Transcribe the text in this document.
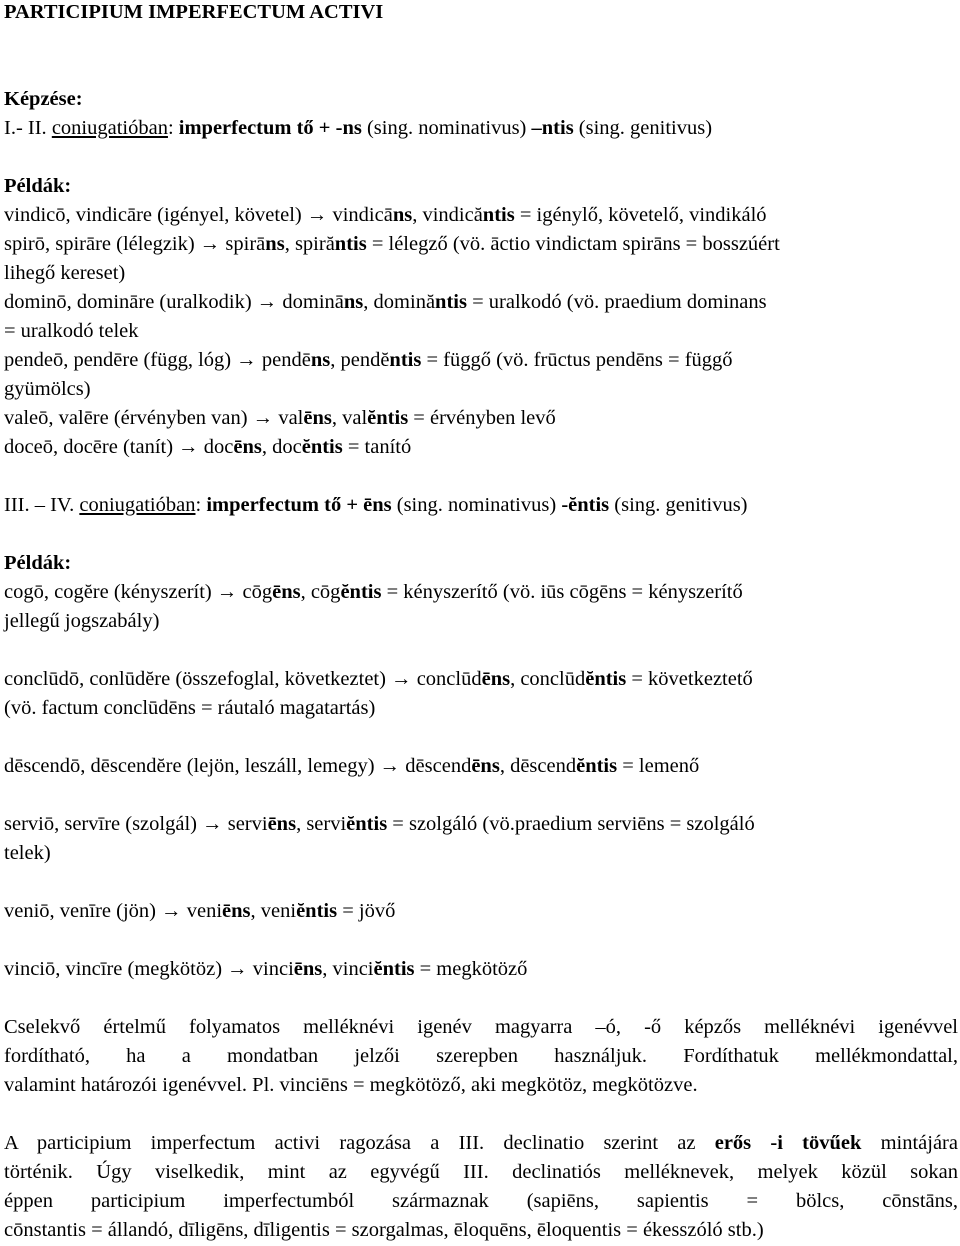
PARTICIPIUM IMPERFECTUM ACTIVI
Képzése:
I.- II. coniugatióban: imperfectum tő + -ns (sing. nominativus) –ntis (sing. genitivus)
Példák:
vindicō, vindicāre (igényel, követel) → vindicāns, vindicăntis = igénylő, követelő, vindikáló
spirō, spirāre (lélegzik) → spirāns, spirăntis = lélegző (vö. āctio vindictam spirāns = bosszúért
lihegő kereset)
dominō, domināre (uralkodik) → domināns, dominăntis = uralkodó (vö. praedium dominans
= uralkodó telek
pendeō, pendēre (függ, lóg) → pendēns, pendĕntis = függő (vö. frūctus pendēns = függő
gyümölcs)
valeō, valēre (érvényben van) → valēns, valĕntis = érvényben levő
doceō, docēre (tanít) → docēns, docĕntis = tanító
III. – IV. coniugatióban: imperfectum tő + ēns (sing. nominativus) -ĕntis (sing. genitivus)
Példák:
cogō, cogĕre (kényszerít) → cōgēns, cōgĕntis = kényszerítő (vö. iūs cōgēns = kényszerítő
jellegű jogszabály)
conclūdō, conlūdĕre (összefoglal, következtet) → conclūdēns, conclūdĕntis = következtető
(vö. factum conclūdēns = ráutaló magatartás)
dēscendō, dēscendĕre (lejön, leszáll, lemegy) → dēscendēns, dēscendĕntis = lemenő
serviō, servīre (szolgál) → serviēns, serviĕntis = szolgáló (vö.praedium serviēns = szolgáló
telek)
veniō, venīre (jön) → veniēns, veniĕntis = jövő
vinciō, vincīre (megkötöz) → vinciēns, vinciĕntis = megkötöző
Cselekvő értelmű folyamatos melléknévi igenév magyarra –ó, -ő képzős melléknévi igenévvel
fordítható, ha a mondatban jelzői szerepben használjuk. Fordíthatuk mellékmondattal,
valamint határozói igenévvel. Pl. vinciēns = megkötöző, aki megkötöz, megkötözve.
A participium imperfectum activi ragozása a III. declinatio szerint az erős -i tövűek mintájára
történik. Úgy viselkedik, mint az egyvégű III. declinatiós melléknevek, melyek közül sokan
éppen participium imperfectumból származnak (sapiēns, sapientis = bölcs, cōnstāns,
cōnstantis = állandó, dīligēns, dīligentis = szorgalmas, ēloquēns, ēloquentis = ékesszóló stb.)
